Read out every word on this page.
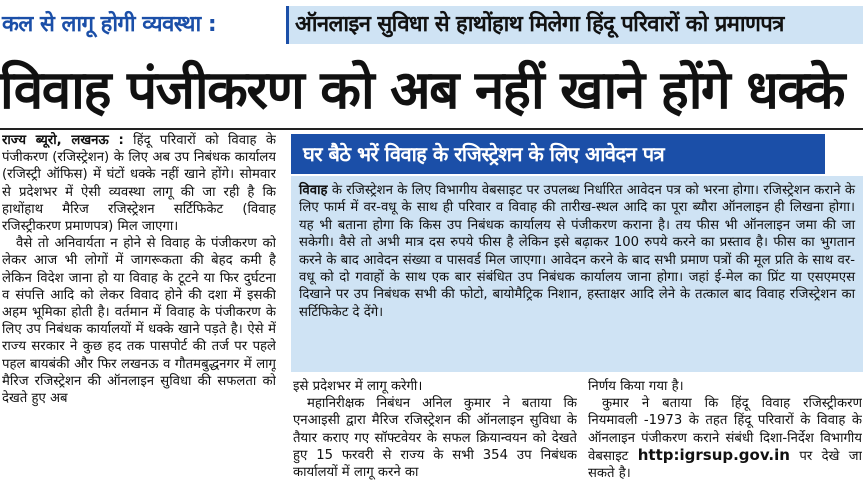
कल से लागू होगी व्यवस्था :	ऑनलाइन सुविधा से हाथोंहाथ मिलेगा हिंदू परिवारों को प्रमाणपत्र
विवाह पंजीकरण को अब नहीं खाने होंगे धक्के

राज्य ब्यूरो, लखनऊ : हिंदू परिवारों को विवाह के पंजीकरण (रजिस्ट्रेशन) के लिए अब उप निबंधक कार्यालय (रजिस्ट्री ऑफिस) में घंटों धक्के नहीं खाने होंगे। सोमवार से प्रदेशभर में ऐसी व्यवस्था लागू की जा रही है कि हाथोंहाथ मैरिज रजिस्ट्रेशन सर्टिफिकेट (विवाह रजिस्ट्रीकरण प्रमाणपत्र) मिल जाएगा।

वैसे तो अनिवार्यता न होने से विवाह के पंजीकरण को लेकर आज भी लोगों में जागरूकता की बेहद कमी है लेकिन विदेश जाना हो या विवाह के टूटने या फिर दुर्घटना व संपत्ति आदि को लेकर विवाद होने की दशा में इसकी अहम भूमिका होती है। वर्तमान में विवाह के पंजीकरण के लिए उप निबंधक कार्यालयों में धक्के खाने पड़ते है। ऐसे में राज्य सरकार ने कुछ हद तक पासपोर्ट की तर्ज पर पहले पहल बायबंकी और फिर लखनऊ व गौतमबुद्धनगर में लागू मैरिज रजिस्ट्रेशन की ऑनलाइन सुविधा की सफलता को देखते हुए अब

घर बैठे भरें विवाह के रजिस्ट्रेशन के लिए आवेदन पत्र
विवाह के रजिस्ट्रेशन के लिए विभागीय वेबसाइट पर उपलब्ध निर्धारित आवेदन पत्र को भरना होगा। रजिस्ट्रेशन कराने के लिए फार्म में वर-वधू के साथ ही परिवार व विवाह की तारीख-स्थल आदि का पूरा ब्यौरा ऑनलाइन ही लिखना होगा। यह भी बताना होगा कि किस उप निबंधक कार्यालय से पंजीकरण कराना है। तय फीस भी ऑनलाइन जमा की जा सकेगी। वैसे तो अभी मात्र दस रुपये फीस है लेकिन इसे बढ़ाकर 100 रुपये करने का प्रस्ताव है। फीस का भुगतान करने के बाद आवेदन संख्या व पासवर्ड मिल जाएगा। आवेदन करने के बाद सभी प्रमाण पत्रों की मूल प्रति के साथ वर-वधू को दो गवाहों के साथ एक बार संबंधित उप निबंधक कार्यालय जाना होगा। जहां ई-मेल का प्रिंट या एसएमएस दिखाने पर उप निबंधक सभी की फोटो, बायोमैट्रिक निशान, हस्ताक्षर आदि लेने के तत्काल बाद विवाह रजिस्ट्रेशन का सर्टिफिकेट दे देंगे।

इसे प्रदेशभर में लागू करेगी।

महानिरीक्षक निबंधन अनिल कुमार ने बताया कि एनआइसी द्वारा मैरिज रजिस्ट्रेशन की ऑनलाइन सुविधा के तैयार कराए गए सॉफ्टवेयर के सफल क्रियान्वयन को देखते हुए 15 फरवरी से राज्य के सभी 354 उप निबंधक कार्यालयों में लागू करने का

निर्णय किया गया है।

कुमार ने बताया कि हिंदू विवाह रजिस्ट्रीकरण नियमावली -1973 के तहत हिंदू परिवारों के विवाह के ऑनलाइन पंजीकरण कराने संबंधी दिशा-निर्देश विभागीय वेबसाइट http:igrsup.gov.in पर देखे जा सकते है।
